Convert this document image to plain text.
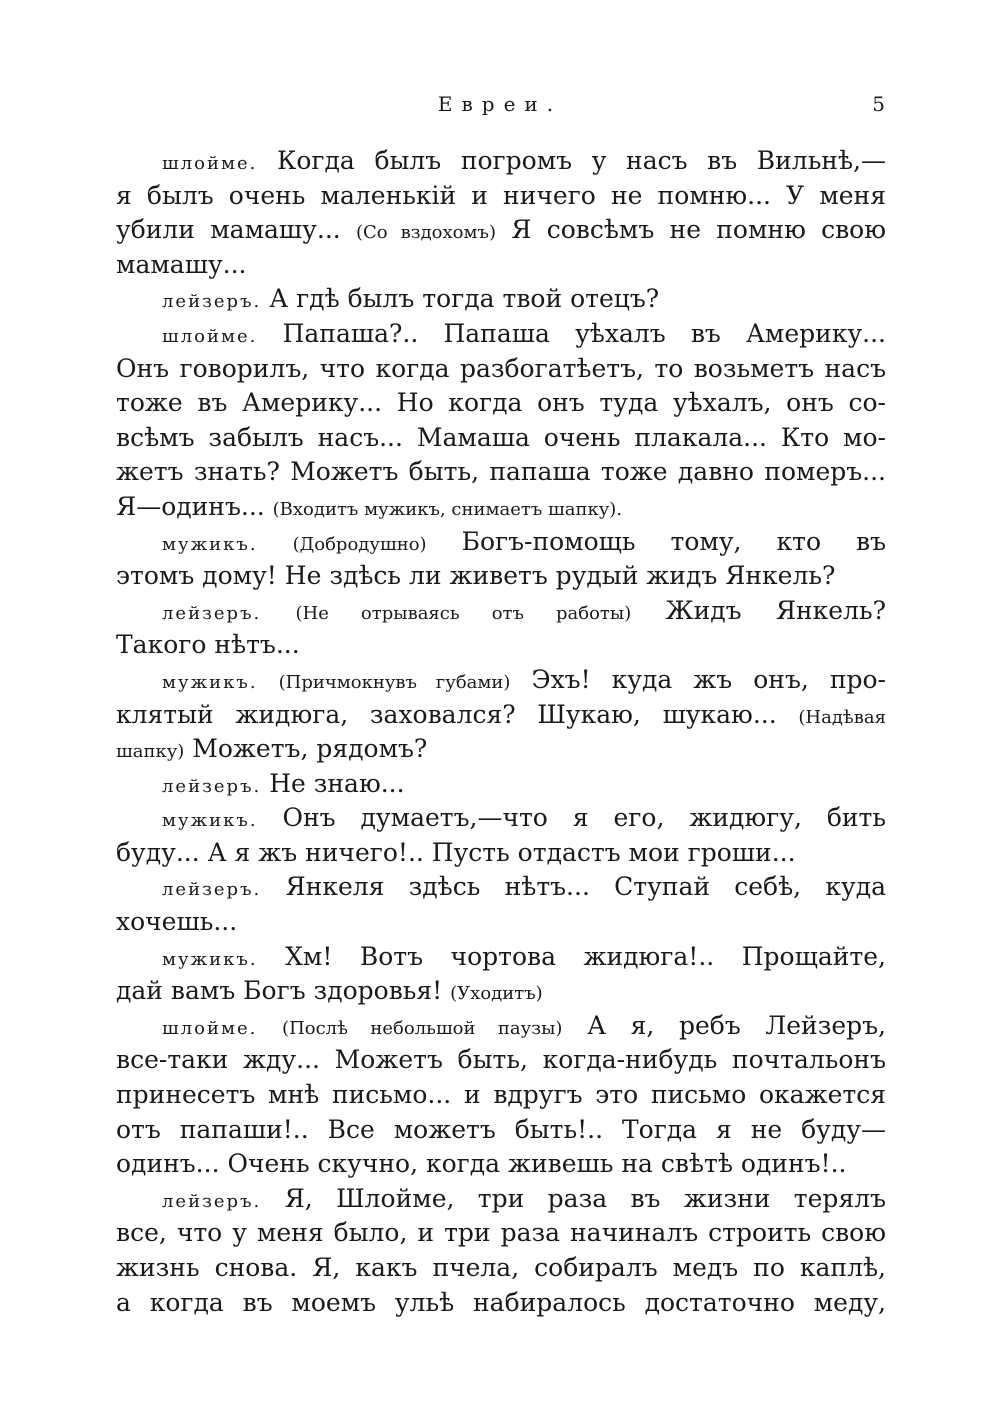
Евреи.	5
шлойме. Когда былъ погромъ у насъ въ Вильнѣ,—
я былъ очень маленькій и ничего не помню... У меня
убили мамашу... (Со вздохомъ) Я совсѣмъ не помню свою
мамашу...
лейзеръ. А гдѣ былъ тогда твой отецъ?
шлойме. Папаша?.. Папаша уѣхалъ въ Америку...
Онъ говорилъ, что когда разбогатѣетъ, то возьметъ насъ
тоже въ Америку... Но когда онъ туда уѣхалъ, онъ со-
всѣмъ забылъ насъ... Мамаша очень плакала... Кто мо-
жетъ знать? Можетъ быть, папаша тоже давно померъ...
Я—одинъ... (Входитъ мужикъ, снимаетъ шапку).
мужикъ. (Добродушно) Богъ-помощь тому, кто въ
этомъ дому! Не здѣсь ли живетъ рудый жидъ Янкель?
лейзеръ. (Не отрываясь отъ работы) Жидъ Янкель?
Такого нѣтъ...
мужикъ. (Причмокнувъ губами) Эхъ! куда жъ онъ, про-
клятый жидюга, заховался? Шукаю, шукаю... (Надѣвая
шапку) Можетъ, рядомъ?
лейзеръ. Не знаю...
мужикъ. Онъ думаетъ,—что я его, жидюгу, бить
буду... А я жъ ничего!.. Пусть отдастъ мои гроши...
лейзеръ. Янкеля здѣсь нѣтъ... Ступай себѣ, куда
хочешь...
мужикъ. Хм! Вотъ чортова жидюга!.. Прощайте,
дай вамъ Богъ здоровья! (Уходитъ)
шлойме. (Послѣ небольшой паузы) А я, ребъ Лейзеръ,
все-таки жду... Можетъ быть, когда-нибудь почтальонъ
принесетъ мнѣ письмо... и вдругъ это письмо окажется
отъ папаши!.. Все можетъ быть!.. Тогда я не буду—
одинъ... Очень скучно, когда живешь на свѣтѣ одинъ!..
лейзеръ. Я, Шлойме, три раза въ жизни терялъ
все, что у меня было, и три раза начиналъ строить свою
жизнь снова. Я, какъ пчела, собиралъ медъ по каплѣ,
а когда въ моемъ ульѣ набиралось достаточно меду,
